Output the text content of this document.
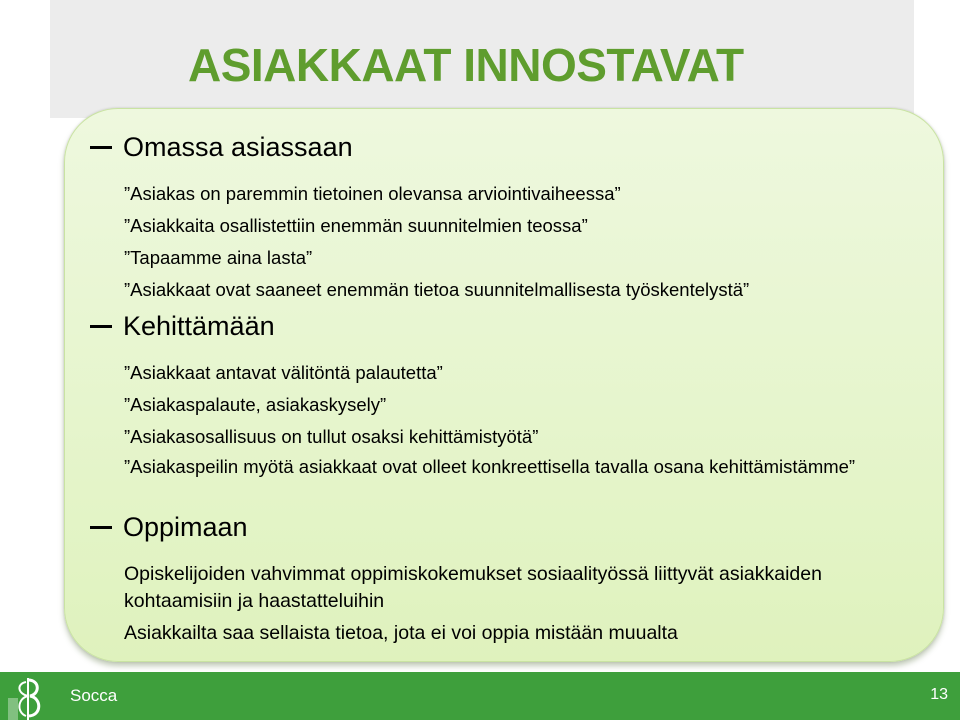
ASIAKKAAT INNOSTAVAT
Omassa asiassaan
”Asiakas on paremmin tietoinen olevansa arviointivaiheessa”
”Asiakkaita osallistettiin enemmän suunnitelmien teossa”
”Tapaamme aina lasta”
”Asiakkaat ovat saaneet enemmän tietoa suunnitelmallisesta työskentelystä”
Kehittämään
”Asiakkaat antavat välitöntä palautetta”
”Asiakaspalaute, asiakaskysely”
”Asiakasosallisuus on tullut osaksi kehittämistyötä”
”Asiakaspeilin myötä asiakkaat ovat olleet konkreettisella tavalla osana kehittämistämme”
Oppimaan
Opiskelijoiden vahvimmat oppimiskokemukset sosiaalityössä liittyvät asiakkaiden kohtaamisiin ja haastatteluihin
Asiakkailta saa sellaista tietoa, jota ei voi oppia mistään muualta
Socca	13
